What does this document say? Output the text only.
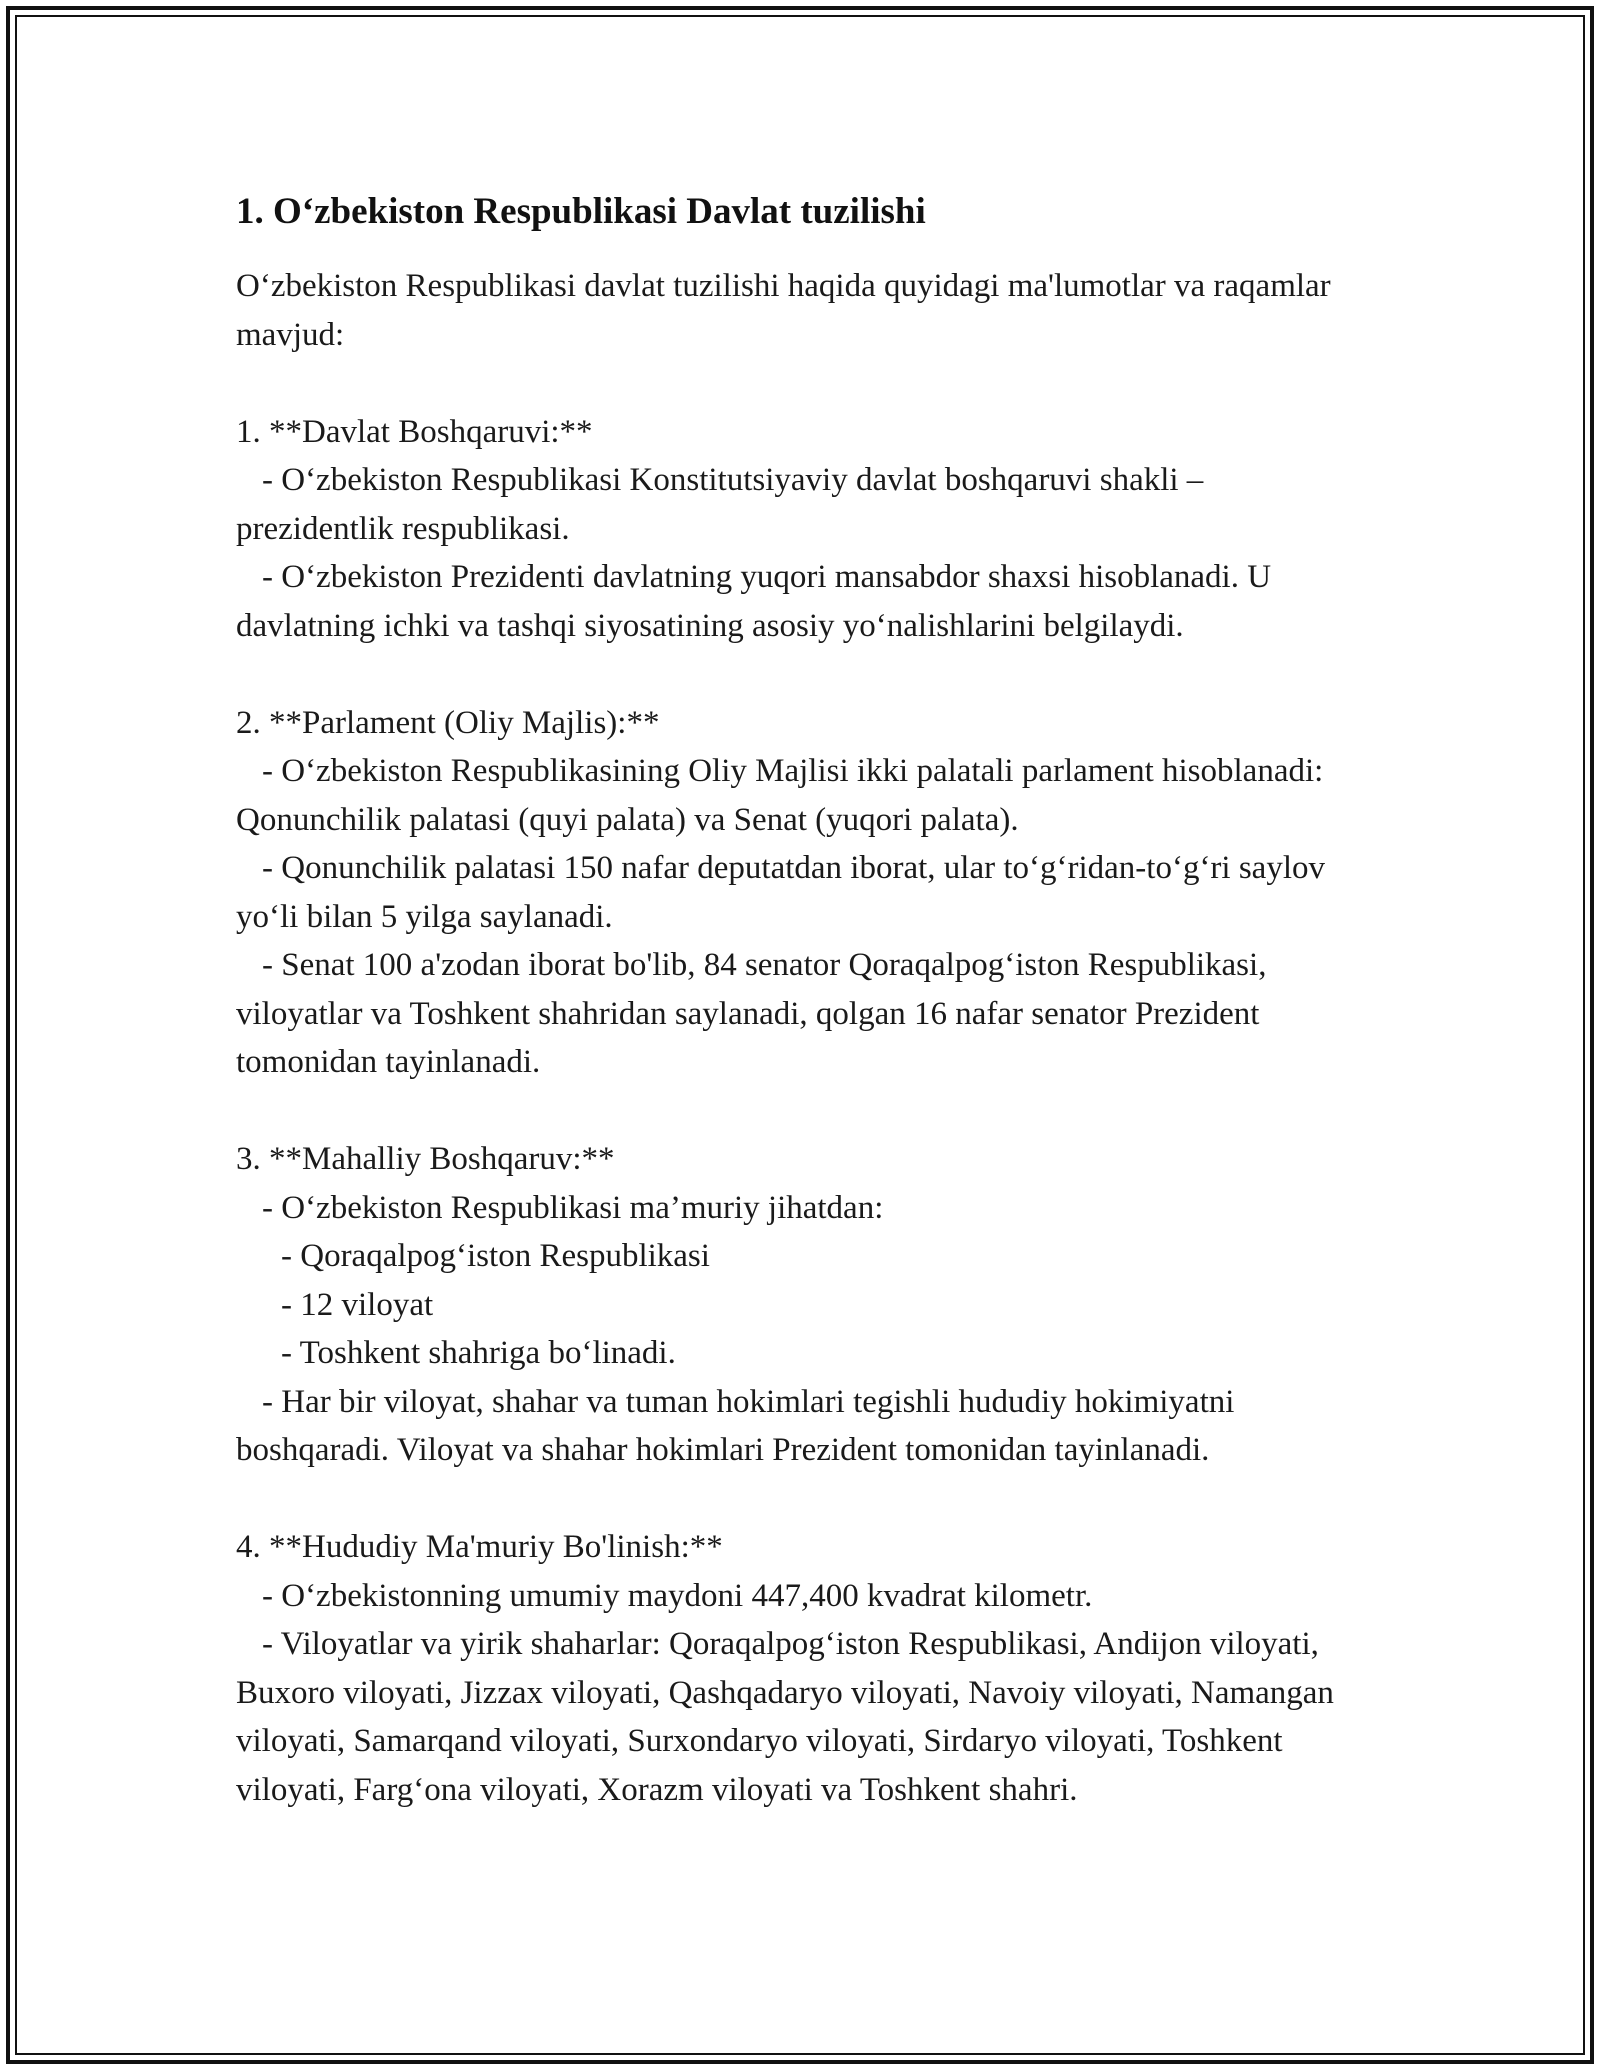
1. O‘zbekiston Respublikasi Davlat tuzilishi

O‘zbekiston Respublikasi davlat tuzilishi haqida quyidagi ma'lumotlar va raqamlar mavjud:

1. **Davlat Boshqaruvi:**

- O‘zbekiston Respublikasi Konstitutsiyaviy davlat boshqaruvi shakli – prezidentlik respublikasi.

- O‘zbekiston Prezidenti davlatning yuqori mansabdor shaxsi hisoblanadi. U davlatning ichki va tashqi siyosatining asosiy yo‘nalishlarini belgilaydi.

2. **Parlament (Oliy Majlis):**

- O‘zbekiston Respublikasining Oliy Majlisi ikki palatali parlament hisoblanadi: Qonunchilik palatasi (quyi palata) va Senat (yuqori palata).

- Qonunchilik palatasi 150 nafar deputatdan iborat, ular to‘g‘ridan-to‘g‘ri saylov yo‘li bilan 5 yilga saylanadi.

- Senat 100 a'zodan iborat bo'lib, 84 senator Qoraqalpog‘iston Respublikasi, viloyatlar va Toshkent shahridan saylanadi, qolgan 16 nafar senator Prezident tomonidan tayinlanadi.

3. **Mahalliy Boshqaruv:**

- O‘zbekiston Respublikasi ma’muriy jihatdan:

- Qoraqalpog‘iston Respublikasi

- 12 viloyat

- Toshkent shahriga bo‘linadi.

- Har bir viloyat, shahar va tuman hokimlari tegishli hududiy hokimiyatni boshqaradi. Viloyat va shahar hokimlari Prezident tomonidan tayinlanadi.

4. **Hududiy Ma'muriy Bo'linish:**

- O‘zbekistonning umumiy maydoni 447,400 kvadrat kilometr.

- Viloyatlar va yirik shaharlar: Qoraqalpog‘iston Respublikasi, Andijon viloyati, Buxoro viloyati, Jizzax viloyati, Qashqadaryo viloyati, Navoiy viloyati, Namangan viloyati, Samarqand viloyati, Surxondaryo viloyati, Sirdaryo viloyati, Toshkent viloyati, Farg‘ona viloyati, Xorazm viloyati va Toshkent shahri.
